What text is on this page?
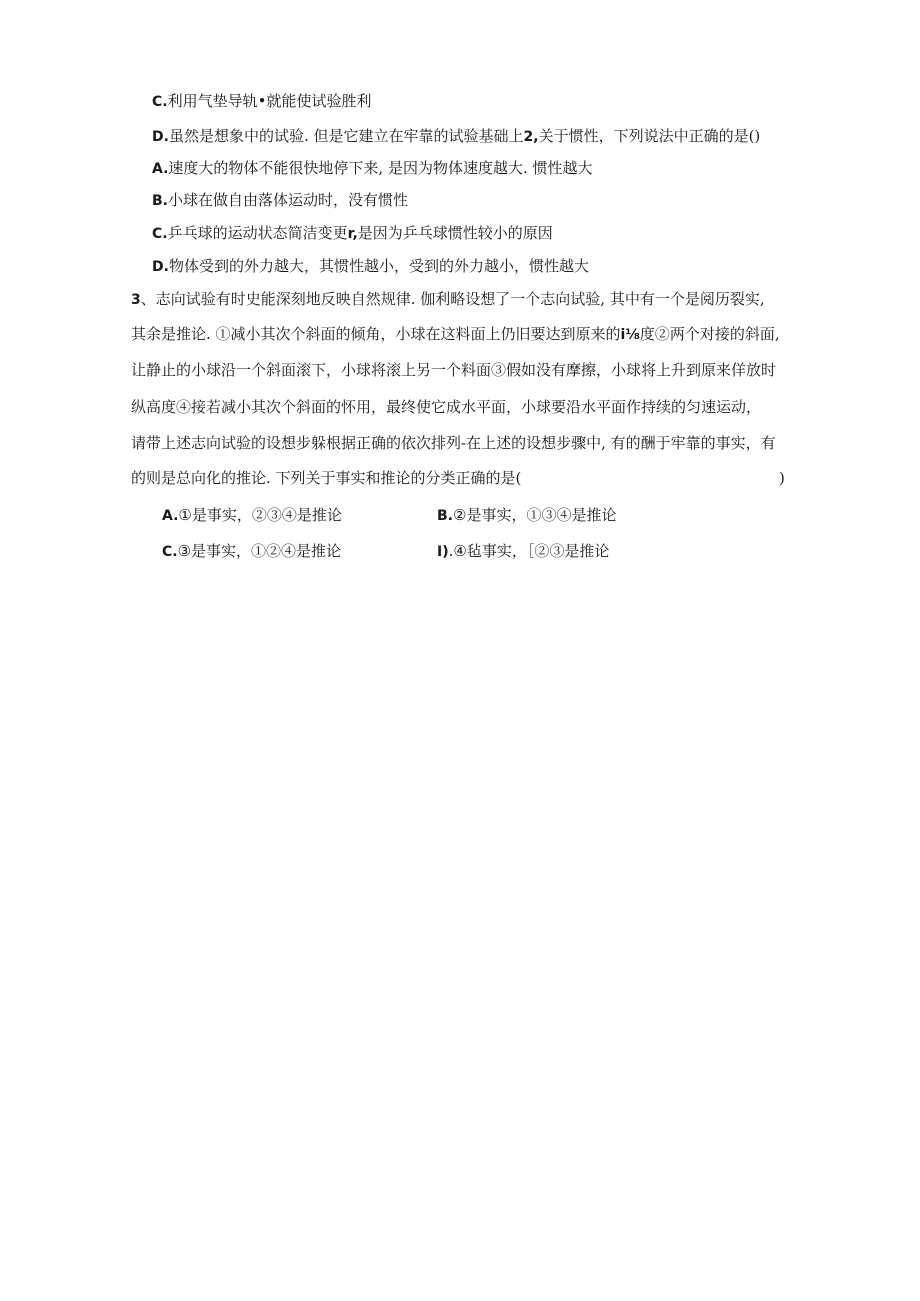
C.利用气垫导轨•就能使试验胜利
D.虽然是想象中的试验. 但是它建立在牢靠的试验基础上2,关于惯性，下列说法中正确的是()
A.速度大的物体不能很快地停下来, 是因为物体速度越大. 惯性越大
B.小球在做自由落体运动时，没有惯性
C.乒乓球的运动状态简洁变更r,是因为乒乓球惯性较小的原因
D.物体受到的外力越大，其惯性越小，受到的外力越小，惯性越大
3、志向试验有时史能深刻地反映自然规律. 伽利略设想了一个志向试验, 其中有一个是阅历裂实,
其余是推论. ①减小其次个斜面的倾角，小球在这料面上仍旧要达到原来的i⅛度②两个对接的斜面,
让静止的小球沿一个斜面滚下，小球将滚上另一个料面③假如没有摩擦，小球将上升到原来佯放时
纵高度④接若减小其次个斜面的怀用，最终使它成水平面，小球要沿水平面作持续的匀速运动，
请带上述志向试验的设想步躲根据正确的依次排列-在上述的设想步骤中, 有的酬于牢靠的事实，有
的则是总向化的推论. 下列关于事实和推论的分类正确的是(	)
A.①是事实，②③④是推论	B.②是事实，①③④是推论
C.③是事实，①②④是推论	I).④毡事实，［②③是推论
